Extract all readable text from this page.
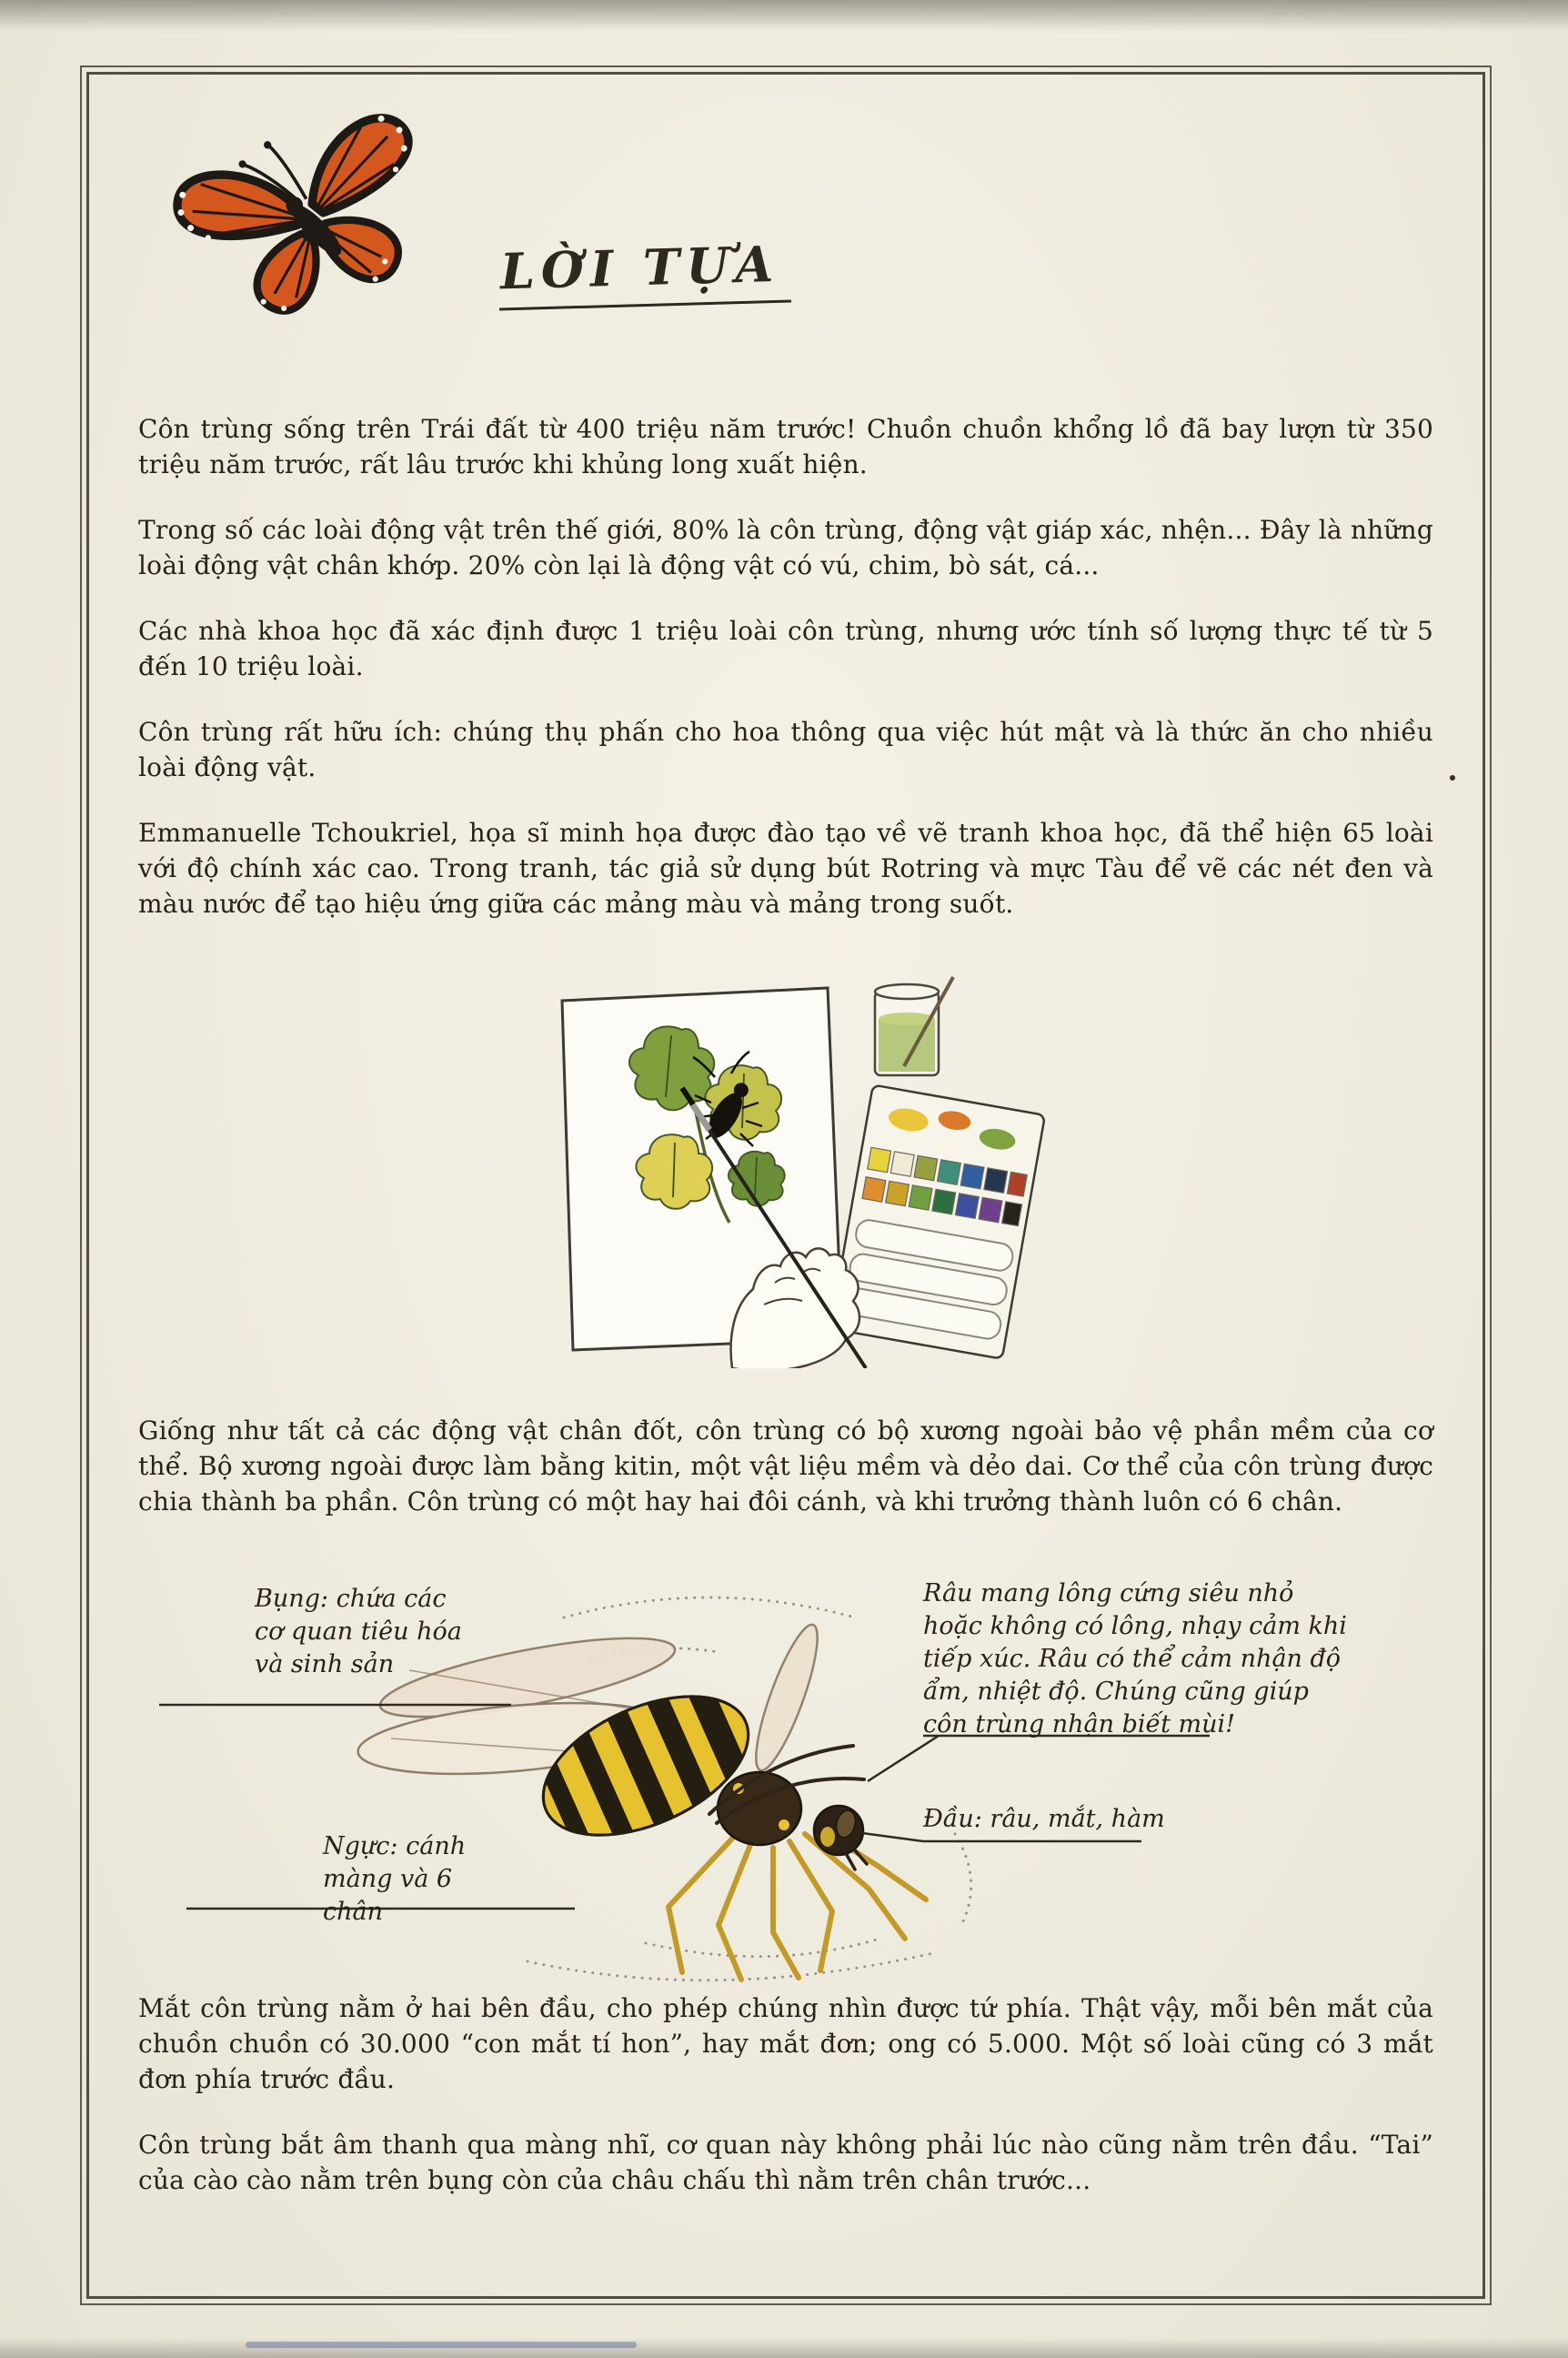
LỜI TỰA

Côn trùng sống trên Trái đất từ 400 triệu năm trước! Chuồn chuồn khổng lồ đã bay lượn từ 350 triệu năm trước, rất lâu trước khi khủng long xuất hiện.

Trong số các loài động vật trên thế giới, 80% là côn trùng, động vật giáp xác, nhện... Đây là những loài động vật chân khớp. 20% còn lại là động vật có vú, chim, bò sát, cá...

Các nhà khoa học đã xác định được 1 triệu loài côn trùng, nhưng ước tính số lượng thực tế từ 5 đến 10 triệu loài.

Côn trùng rất hữu ích: chúng thụ phấn cho hoa thông qua việc hút mật và là thức ăn cho nhiều loài động vật.

Emmanuelle Tchoukriel, họa sĩ minh họa được đào tạo về vẽ tranh khoa học, đã thể hiện 65 loài với độ chính xác cao. Trong tranh, tác giả sử dụng bút Rotring và mực Tàu để vẽ các nét đen và màu nước để tạo hiệu ứng giữa các mảng màu và mảng trong suốt.

Giống như tất cả các động vật chân đốt, côn trùng có bộ xương ngoài bảo vệ phần mềm của cơ thể. Bộ xương ngoài được làm bằng kitin, một vật liệu mềm và dẻo dai. Cơ thể của côn trùng được chia thành ba phần. Côn trùng có một hay hai đôi cánh, và khi trưởng thành luôn có 6 chân.

Bụng: chứa các cơ quan tiêu hóa và sinh sản
Ngực: cánh màng và 6 chân
Râu mang lông cứng siêu nhỏ hoặc không có lông, nhạy cảm khi tiếp xúc. Râu có thể cảm nhận độ ẩm, nhiệt độ. Chúng cũng giúp côn trùng nhận biết mùi!
Đầu: râu, mắt, hàm

Mắt côn trùng nằm ở hai bên đầu, cho phép chúng nhìn được tứ phía. Thật vậy, mỗi bên mắt của chuồn chuồn có 30.000 “con mắt tí hon”, hay mắt đơn; ong có 5.000. Một số loài cũng có 3 mắt đơn phía trước đầu.

Côn trùng bắt âm thanh qua màng nhĩ, cơ quan này không phải lúc nào cũng nằm trên đầu. “Tai” của cào cào nằm trên bụng còn của châu chấu thì nằm trên chân trước...
